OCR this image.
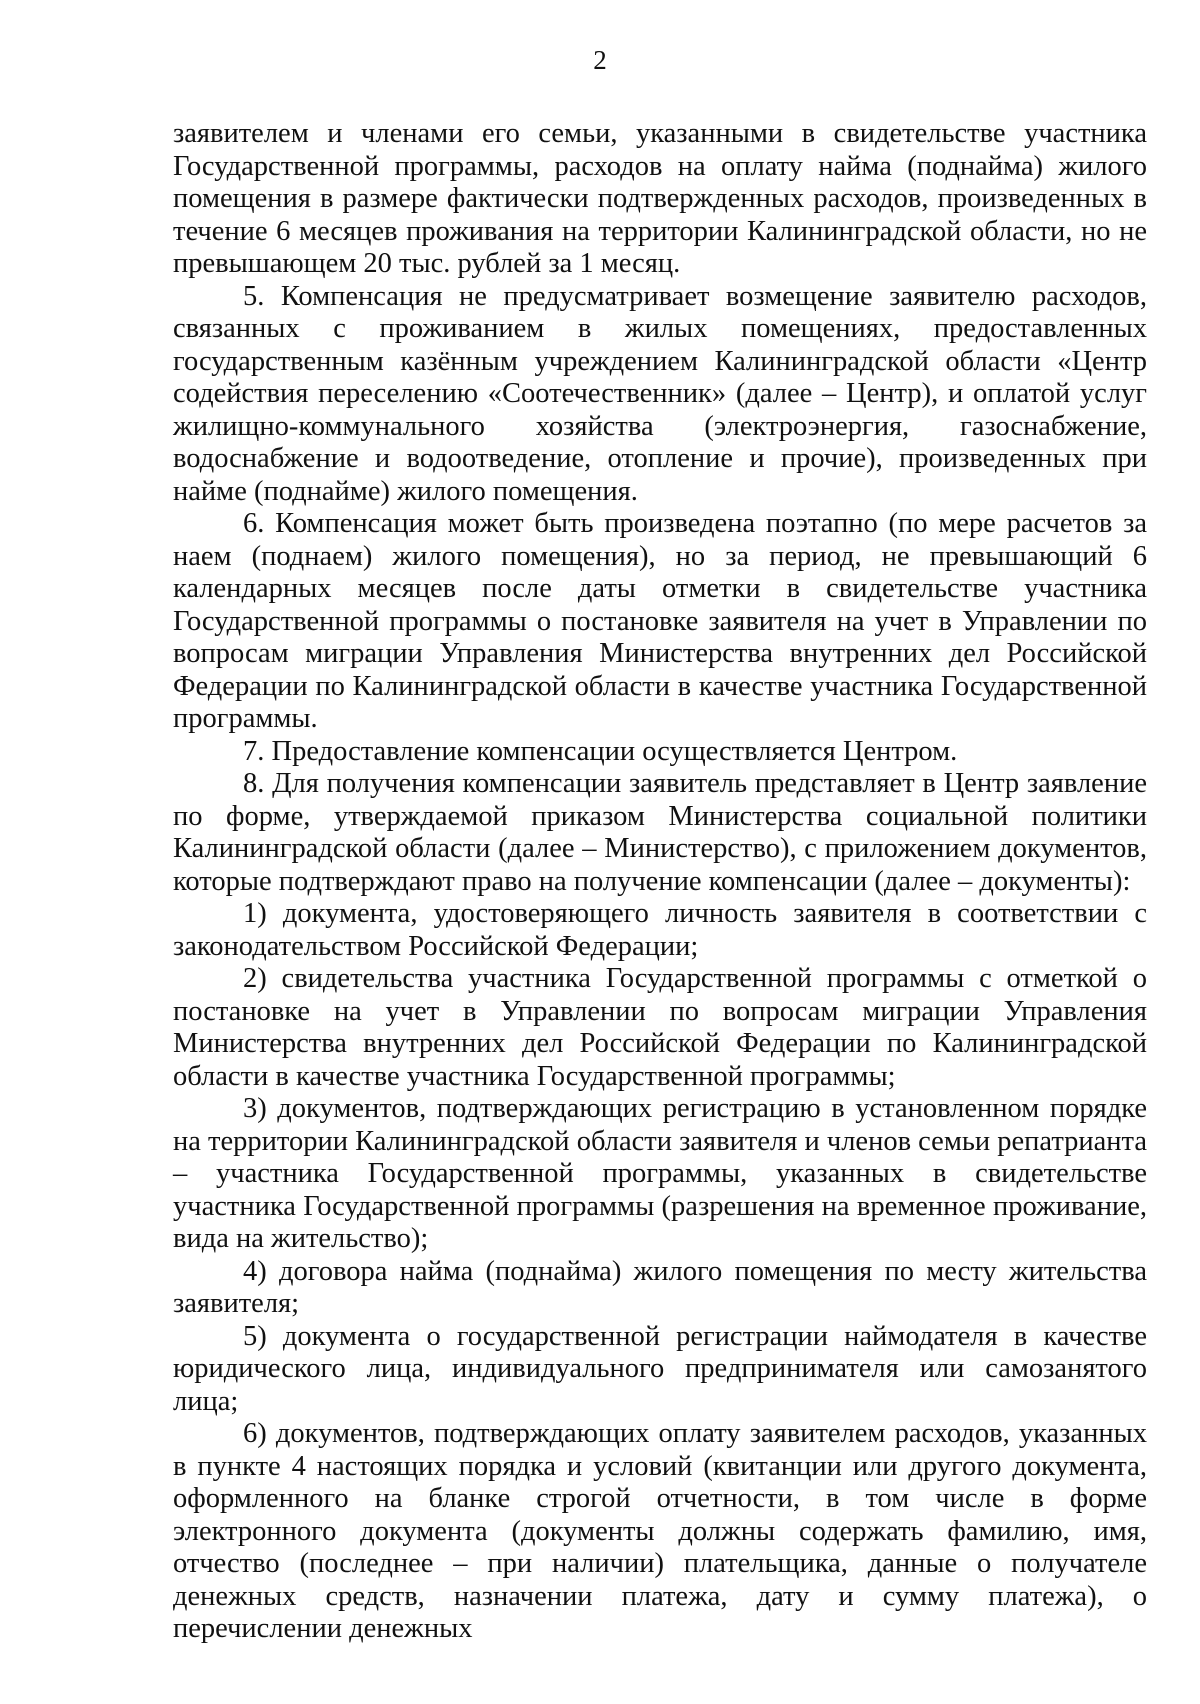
2

заявителем и членами его семьи, указанными в свидетельстве участника Государственной программы, расходов на оплату найма (поднайма) жилого помещения в размере фактически подтвержденных расходов, произведенных в течение 6 месяцев проживания на территории Калининградской области, но не превышающем 20 тыс. рублей за 1 месяц.

5. Компенсация не предусматривает возмещение заявителю расходов, связанных с проживанием в жилых помещениях, предоставленных государственным казённым учреждением Калининградской области «Центр содействия переселению «Соотечественник» (далее – Центр), и оплатой услуг жилищно-коммунального хозяйства (электроэнергия, газоснабжение, водоснабжение и водоотведение, отопление и прочие), произведенных при найме (поднайме) жилого помещения.

6. Компенсация может быть произведена поэтапно (по мере расчетов за наем (поднаем) жилого помещения), но за период, не превышающий 6 календарных месяцев после даты отметки в свидетельстве участника Государственной программы о постановке заявителя на учет в Управлении по вопросам миграции Управления Министерства внутренних дел Российской Федерации по Калининградской области в качестве участника Государственной программы.

7. Предоставление компенсации осуществляется Центром.

8. Для получения компенсации заявитель представляет в Центр заявление по форме, утверждаемой приказом Министерства социальной политики Калининградской области (далее – Министерство), с приложением документов, которые подтверждают право на получение компенсации (далее – документы):

1) документа, удостоверяющего личность заявителя в соответствии с законодательством Российской Федерации;

2) свидетельства участника Государственной программы с отметкой о постановке на учет в Управлении по вопросам миграции Управления Министерства внутренних дел Российской Федерации по Калининградской области в качестве участника Государственной программы;

3) документов, подтверждающих регистрацию в установленном порядке на территории Калининградской области заявителя и членов семьи репатрианта – участника Государственной программы, указанных в свидетельстве участника Государственной программы (разрешения на временное проживание, вида на жительство);

4) договора найма (поднайма) жилого помещения по месту жительства заявителя;

5) документа о государственной регистрации наймодателя в качестве юридического лица, индивидуального предпринимателя или самозанятого лица;

6) документов, подтверждающих оплату заявителем расходов, указанных в пункте 4 настоящих порядка и условий (квитанции или другого документа, оформленного на бланке строгой отчетности, в том числе в форме электронного документа (документы должны содержать фамилию, имя, отчество (последнее – при наличии) плательщика, данные о получателе денежных средств, назначении платежа, дату и сумму платежа), о перечислении денежных
